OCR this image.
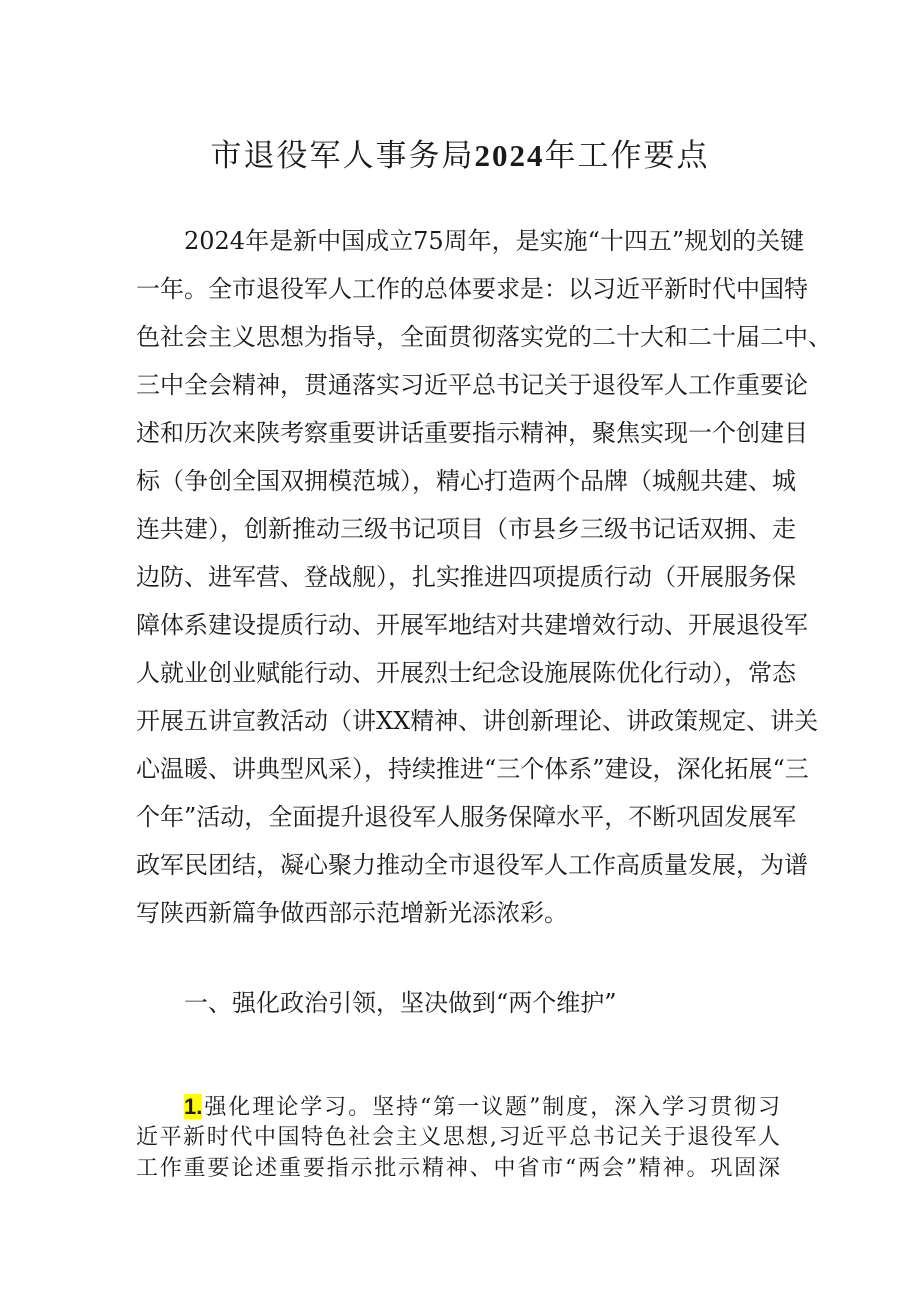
市退役军人事务局2024年工作要点

2024年是新中国成立75周年，是实施“十四五”规划的关键

一年。全市退役军人工作的总体要求是：以习近平新时代中国特

色社会主义思想为指导，全面贯彻落实党的二十大和二十届二中、

三中全会精神，贯通落实习近平总书记关于退役军人工作重要论

述和历次来陕考察重要讲话重要指示精神，聚焦实现一个创建目

标（争创全国双拥模范城），精心打造两个品牌（城舰共建、城

连共建），创新推动三级书记项目（市县乡三级书记话双拥、走

边防、进军营、登战舰），扎实推进四项提质行动（开展服务保

障体系建设提质行动、开展军地结对共建增效行动、开展退役军

人就业创业赋能行动、开展烈士纪念设施展陈优化行动），常态

开展五讲宣教活动（讲XX精神、讲创新理论、讲政策规定、讲关

心温暖、讲典型风采），持续推进“三个体系”建设，深化拓展“三

个年”活动，全面提升退役军人服务保障水平，不断巩固发展军

政军民团结，凝心聚力推动全市退役军人工作高质量发展，为谱

写陕西新篇争做西部示范增新光添浓彩。

一、强化政治引领，坚决做到“两个维护”

1.强化理论学习。坚持“第一议题”制度，深入学习贯彻习

近平新时代中国特色社会主义思想,习近平总书记关于退役军人

工作重要论述重要指示批示精神、中省市“两会”精神。巩固深
